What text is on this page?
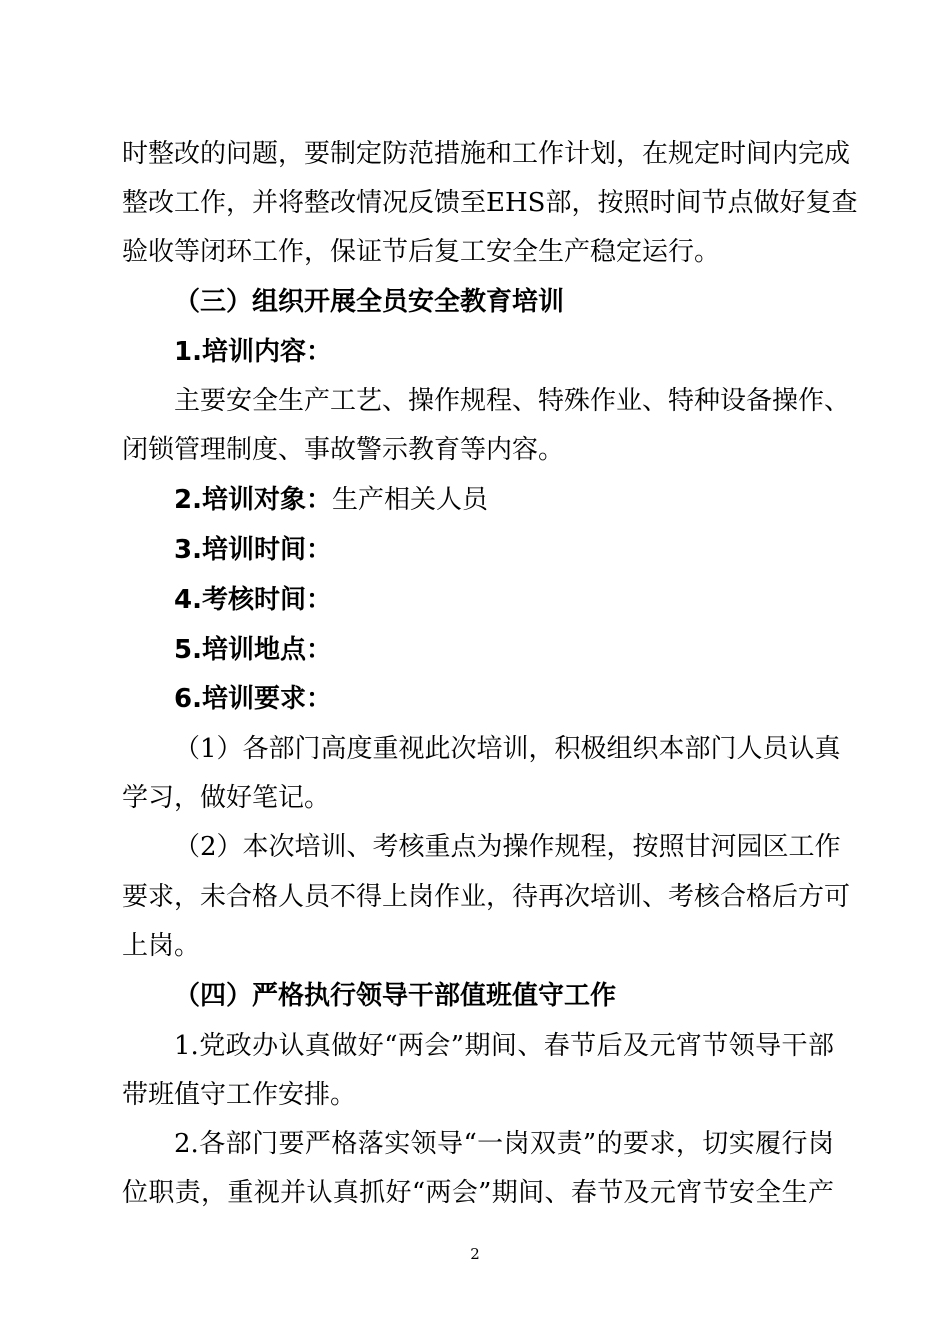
时整改的问题，要制定防范措施和工作计划，在规定时间内完成
整改工作，并将整改情况反馈至EHS部，按照时间节点做好复查
验收等闭环工作，保证节后复工安全生产稳定运行。
（三）组织开展全员安全教育培训
1.培训内容：
主要安全生产工艺、操作规程、特殊作业、特种设备操作、
闭锁管理制度、事故警示教育等内容。
2.培训对象：生产相关人员
3.培训时间：
4.考核时间：
5.培训地点：
6.培训要求：
（1）各部门高度重视此次培训，积极组织本部门人员认真
学习，做好笔记。
（2）本次培训、考核重点为操作规程，按照甘河园区工作
要求，未合格人员不得上岗作业，待再次培训、考核合格后方可
上岗。
（四）严格执行领导干部值班值守工作
1.党政办认真做好“两会”期间、春节后及元宵节领导干部
带班值守工作安排。
2.各部门要严格落实领导“一岗双责”的要求，切实履行岗
位职责，重视并认真抓好“两会”期间、春节及元宵节安全生产
2
